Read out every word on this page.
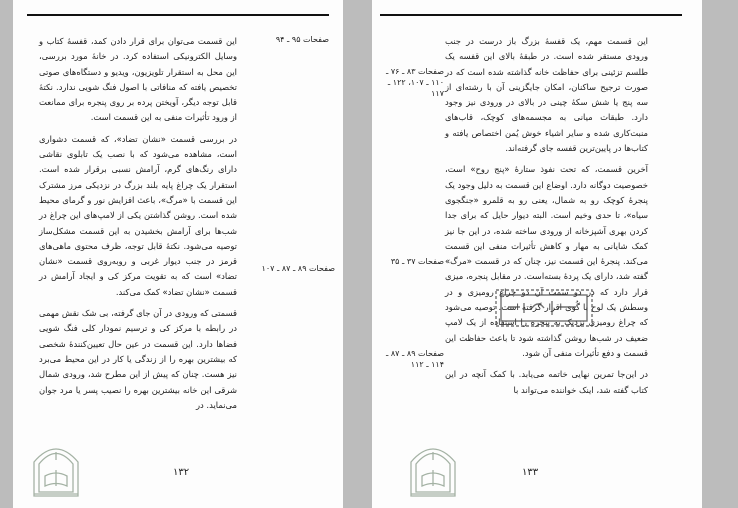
صفحات ۹۵ ـ ۹۴
صفحات ۸۹ ـ ۸۷ ـ ۱۰۷

این قسمت می‌توان برای قرار دادن کمد، قفسهٔ کتاب و وسایل الکترونیکی استفاده کرد. در خانهٔ مورد بررسی، این محل به استقرار تلویزیون، ویدیو و دستگاه‌های صوتی تخصیص یافته که منافاتی با اصول فنگ شویی ندارد. نکتهٔ قابل توجه دیگر، آویختن پرده بر روی پنجره برای ممانعت از ورود تأثیرات منفی به این قسمت است.

در بررسی قسمت «نشان تضاد»، که قسمت دشواری است، مشاهده می‌شود که با نصب یک تابلوی نقاشی دارای رنگ‌های گرم، آرامش نسبی برقرار شده است. استقرار یک چراغ پایه بلند بزرگ در نزدیکی مرز مشترک این قسمت با «مرگ»، باعث افزایش نور و گرمای محیط شده است. روشن گذاشتن یکی از لامپ‌های این چراغ در شب‌ها برای آرامش بخشیدن به این قسمت مشکل‌ساز توصیه می‌شود. نکتهٔ قابل توجه، ظرف محتوی ماهی‌های قرمز در جنب دیوار غربی و روبه‌روی قسمت «نشان تضاد» است که به تقویت مرکز کی و ایجاد آرامش در قسمت «نشان تضاد» کمک می‌کند.

قسمتی که ورودی در آن جای گرفته، بی شک نقش مهمی در رابطه با مرکز کی و ترسیم نمودار کلی فنگ شویی فضاها دارد. این قسمت در عین حال تعیین‌کنندهٔ شخصی که بیشترین بهره را از زندگی یا کار در این محیط می‌برد نیز هست. چنان که پیش از این مطرح شد، ورودی شمال شرقی این خانه بیشترین بهره را نصیب پسر یا مرد جوان می‌نماید. در

۱۳۲
صفحات ۸۳ ـ ۷۶ ـ ۱۱۰ ـ ۱۰۷، ۱۲۲ ـ ۱۱۷
صفحات ۳۷ ـ ۳۵
صفحات ۸۹ ـ ۸۷ ـ ۱۱۴ ـ ۱۱۲

این قسمت مهم، یک قفسهٔ بزرگ باز درست در جنب ورودی مستقر شده است. در طبقهٔ بالای این قفسه یک طلسم تزئینی برای حفاظت خانه گذاشته شده است که در صورت ترجیح ساکنان، امکان جایگزینی آن با رشته‌ای از سه پنج یا شش سکهٔ چینی در بالای در ورودی نیز وجود دارد. طبقات میانی به مجسمه‌های کوچک، قاب‌های منبت‌کاری شده و سایر اشیاء خوش یُمن اختصاص یافته و کتاب‌ها در پایین‌ترین قفسه جای گرفته‌اند.

آخرین قسمت، که تحت نفوذ ستارهٔ «پنج روح» است، خصوصیت دوگانه دارد. اوضاع این قسمت به دلیل وجود یک پنجرهٔ کوچک رو به شمال، یعنی رو به قلمرو «جنگجوی سیاه»، تا حدی وخیم است. البته دیوار حایل که برای جدا کردن بهری آشپزخانه از ورودی ساخته شده، در این جا نیز کمک شایانی به مهار و کاهش تأثیرات منفی این قسمت می‌کند. پنجرهٔ این قسمت نیز، چنان که در قسمت «مرگ» گفته شد، دارای یک پردهٔ بسته‌است. در مقابل پنجره، میزی قرار دارد که در دو سمت آن دو چراغ رومیزی و در وسطش یک لوح با گُوی اقرار گرفته است. توصیه می‌شود که چراغ رومیزی نزدیک به پنجره را استفاده از یک لامپ ضعیف در شب‌ها روشن گذاشته شود تا باعث حفاظت این قسمت و دفع تأثیرات منفی آن شود.

در این‌جا تمرین نهایی خاتمه می‌یابد. با کمک آنچه در این کتاب گفته شد، اینک خواننده می‌تواند با

۱۳۳
